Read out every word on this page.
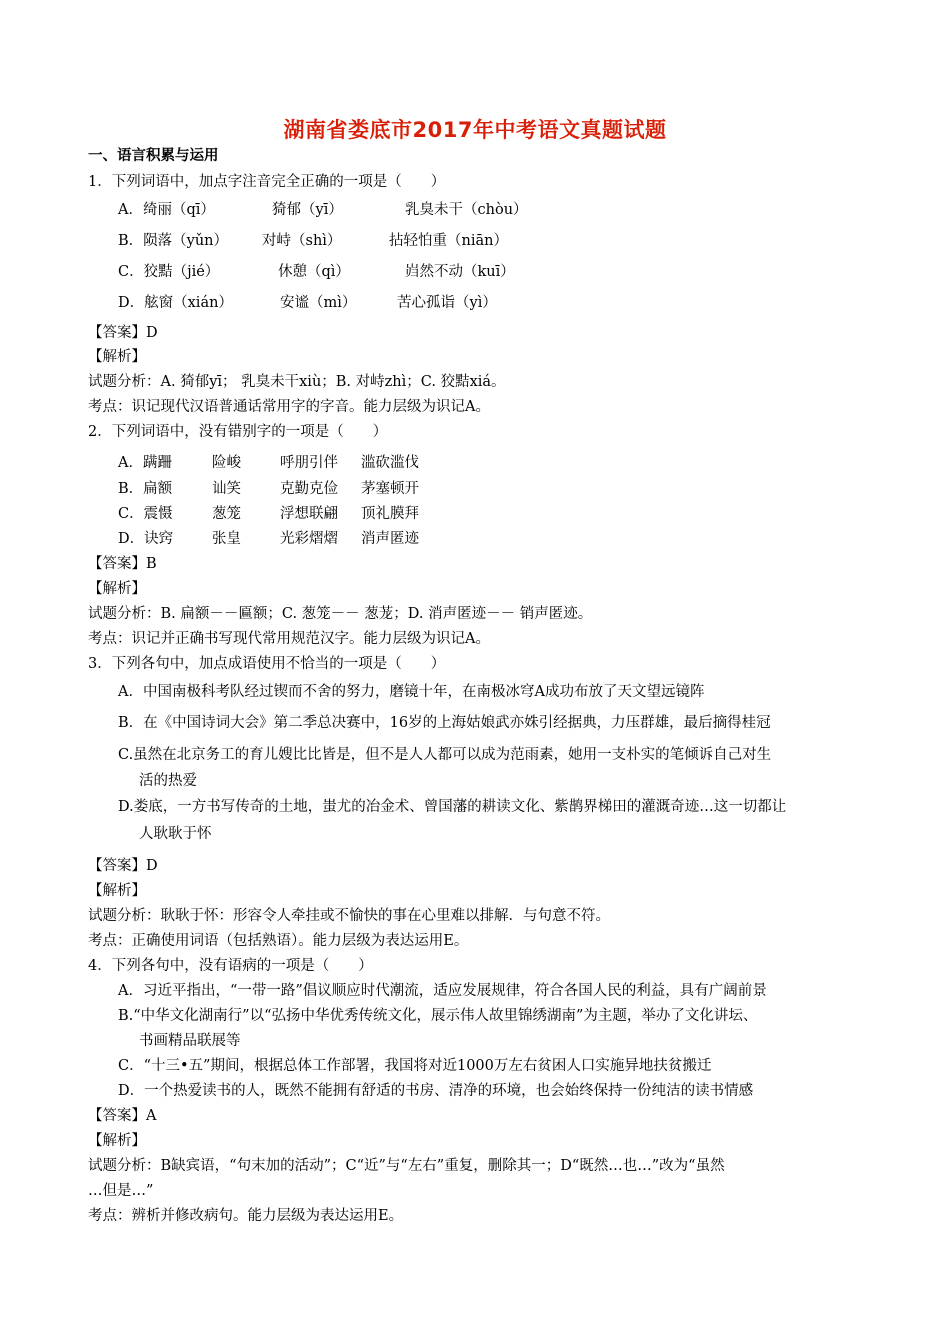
湖南省娄底市2017年中考语文真题试题
一、语言积累与运用
1．下列词语中，加点字注音完全正确的一项是（　　）
A．绮丽（qī）	猗郁（yī）	乳臭未干（chòu）
B．陨落（yǔn） 对峙（shì）	拈轻怕重（niān）
C．狡黠（jié）	休憩（qì）	岿然不动（kuī）
D．舷窗（xián）	安谧（mì）	苦心孤诣（yì）
【答案】D
【解析】
试题分析：A. 猗郁yī； 乳臭未干xiù；B. 对峙zhì；C. 狡黠xiá。
考点：识记现代汉语普通话常用字的字音。能力层级为识记A。
2．下列词语中，没有错别字的一项是（　　）
A．蹒跚	险峻	呼朋引伴 滥砍滥伐
B．扁额	讪笑	克勤克俭 茅塞顿开
C．震慑	葱笼	浮想联翩 顶礼膜拜
D．诀窍	张皇	光彩熠熠 消声匿迹
【答案】B
【解析】
试题分析：B. 扁额－－匾额；C. 葱笼－－ 葱茏；D. 消声匿迹－－ 销声匿迹。
考点：识记并正确书写现代常用规范汉字。能力层级为识记A。
3．下列各句中，加点成语使用不恰当的一项是（　　）
A．中国南极科考队经过锲而不舍的努力，磨镜十年，在南极冰穹A成功布放了天文望远镜阵
B．在《中国诗词大会》第二季总决赛中，16岁的上海姑娘武亦姝引经据典，力压群雄，最后摘得桂冠
C.虽然在北京务工的育儿嫂比比皆是，但不是人人都可以成为范雨素，她用一支朴实的笔倾诉自己对生
活的热爱
D.娄底，一方书写传奇的土地，蚩尤的冶金术、曾国藩的耕读文化、紫鹊界梯田的灌溉奇迹…这一切都让
人耿耿于怀
【答案】D
【解析】
试题分析：耿耿于怀：形容令人牵挂或不愉快的事在心里难以排解．与句意不符。
考点：正确使用词语（包括熟语）。能力层级为表达运用E。
4．下列各句中，没有语病的一项是（　　）
A．习近平指出，“一带一路”倡议顺应时代潮流，适应发展规律，符合各国人民的利益，具有广阔前景
B.“中华文化湖南行”以“弘扬中华优秀传统文化，展示伟人故里锦绣湖南”为主题，举办了文化讲坛、
书画精品联展等
C．“十三•五”期间，根据总体工作部署，我国将对近1000万左右贫困人口实施异地扶贫搬迁
D．一个热爱读书的人，既然不能拥有舒适的书房、清净的环境，也会始终保持一份纯洁的读书情感
【答案】A
【解析】
试题分析：B缺宾语，“句末加的活动”；C“近”与“左右”重复，删除其一；D“既然…也…”改为“虽然
…但是…”
考点：辨析并修改病句。能力层级为表达运用E。
